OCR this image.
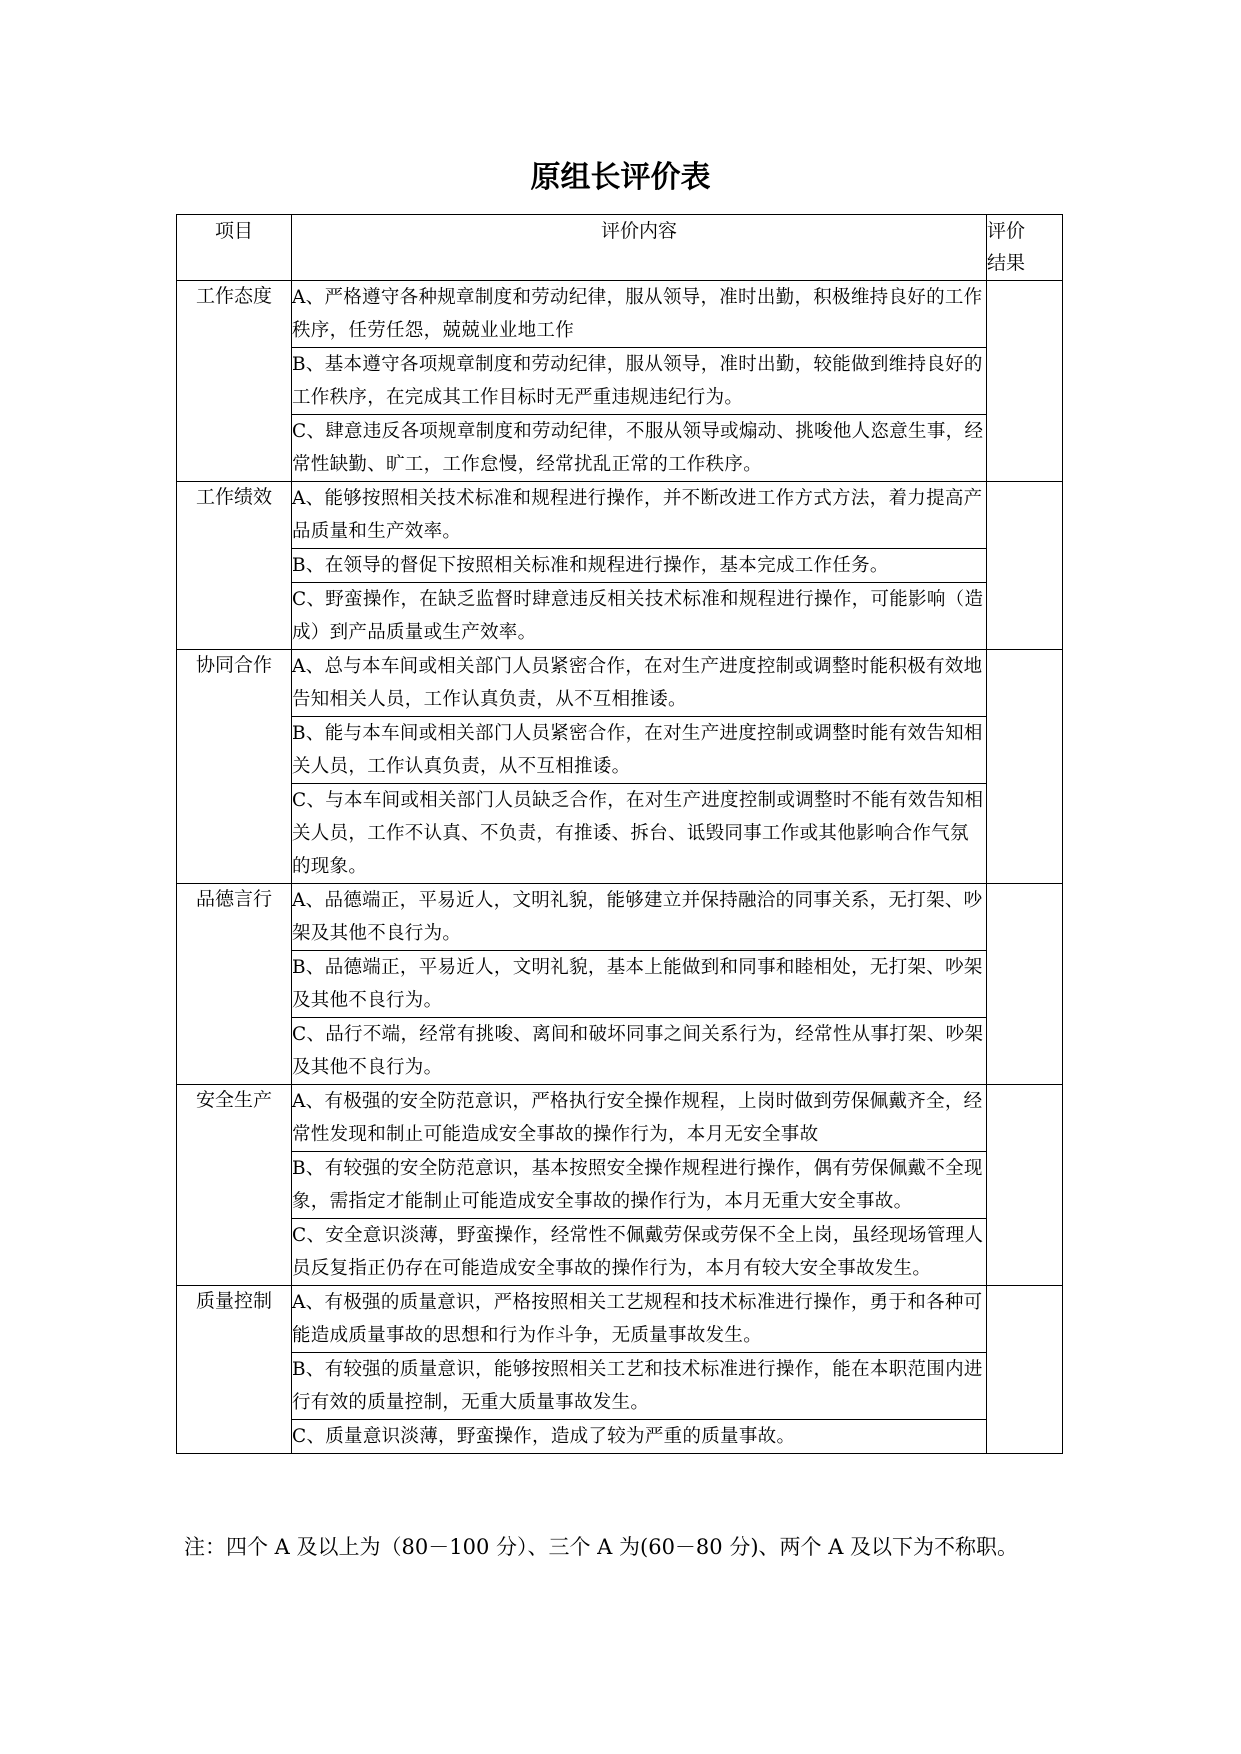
原组长评价表
项目	评价内容	评价
结果
工作态度	A、严格遵守各种规章制度和劳动纪律，服从领导，准时出勤，积极维持良好的工作秩序，任劳任怨，兢兢业业地工作	
	B、基本遵守各项规章制度和劳动纪律，服从领导，准时出勤，较能做到维持良好的工作秩序，在完成其工作目标时无严重违规违纪行为。	
	C、肆意违反各项规章制度和劳动纪律，不服从领导或煽动、挑唆他人恣意生事，经常性缺勤、旷工，工作怠慢，经常扰乱正常的工作秩序。	
工作绩效	A、能够按照相关技术标准和规程进行操作，并不断改进工作方式方法，着力提高产品质量和生产效率。	
	B、在领导的督促下按照相关标准和规程进行操作，基本完成工作任务。	
	C、野蛮操作，在缺乏监督时肆意违反相关技术标准和规程进行操作，可能影响（造成）到产品质量或生产效率。	
协同合作	A、总与本车间或相关部门人员紧密合作，在对生产进度控制或调整时能积极有效地告知相关人员，工作认真负责，从不互相推诿。	
	B、能与本车间或相关部门人员紧密合作，在对生产进度控制或调整时能有效告知相关人员，工作认真负责，从不互相推诿。	
	C、与本车间或相关部门人员缺乏合作，在对生产进度控制或调整时不能有效告知相关人员，工作不认真、不负责，有推诿、拆台、诋毁同事工作或其他影响合作气氛的现象。	
品德言行	A、品德端正，平易近人，文明礼貌，能够建立并保持融洽的同事关系，无打架、吵架及其他不良行为。	
	B、品德端正，平易近人，文明礼貌，基本上能做到和同事和睦相处，无打架、吵架及其他不良行为。	
	C、品行不端，经常有挑唆、离间和破坏同事之间关系行为，经常性从事打架、吵架及其他不良行为。	
安全生产	A、有极强的安全防范意识，严格执行安全操作规程，上岗时做到劳保佩戴齐全，经常性发现和制止可能造成安全事故的操作行为，本月无安全事故	
	B、有较强的安全防范意识，基本按照安全操作规程进行操作，偶有劳保佩戴不全现象，需指定才能制止可能造成安全事故的操作行为，本月无重大安全事故。	
	C、安全意识淡薄，野蛮操作，经常性不佩戴劳保或劳保不全上岗，虽经现场管理人员反复指正仍存在可能造成安全事故的操作行为，本月有较大安全事故发生。	
质量控制	A、有极强的质量意识，严格按照相关工艺规程和技术标准进行操作，勇于和各种可能造成质量事故的思想和行为作斗争，无质量事故发生。	
	B、有较强的质量意识，能够按照相关工艺和技术标准进行操作，能在本职范围内进行有效的质量控制，无重大质量事故发生。	
	C、质量意识淡薄，野蛮操作，造成了较为严重的质量事故。	

注：四个 A 及以上为（80－100 分）、三个 A 为(60－80 分)、两个 A 及以下为不称职。
